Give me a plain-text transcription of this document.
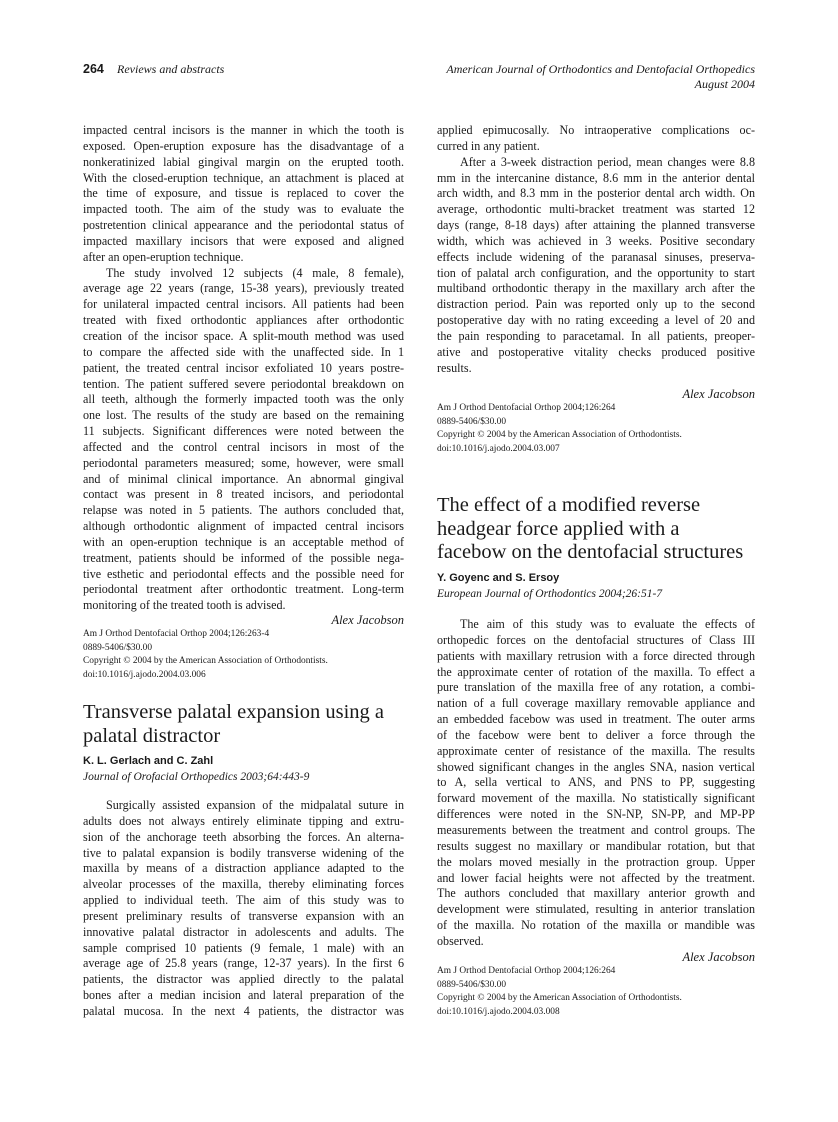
264 Reviews and abstracts	American Journal of Orthodontics and Dentofacial Orthopedics
August 2004
impacted central incisors is the manner in which the tooth is
exposed. Open-eruption exposure has the disadvantage of a
nonkeratinized labial gingival margin on the erupted tooth.
With the closed-eruption technique, an attachment is placed at
the time of exposure, and tissue is replaced to cover the
impacted tooth. The aim of the study was to evaluate the
postretention clinical appearance and the periodontal status of
impacted maxillary incisors that were exposed and aligned
after an open-eruption technique.
The study involved 12 subjects (4 male, 8 female),
average age 22 years (range, 15-38 years), previously treated
for unilateral impacted central incisors. All patients had been
treated with fixed orthodontic appliances after orthodontic
creation of the incisor space. A split-mouth method was used
to compare the affected side with the unaffected side. In 1
patient, the treated central incisor exfoliated 10 years postre-
tention. The patient suffered severe periodontal breakdown on
all teeth, although the formerly impacted tooth was the only
one lost. The results of the study are based on the remaining
11 subjects. Significant differences were noted between the
affected and the control central incisors in most of the
periodontal parameters measured; some, however, were small
and of minimal clinical importance. An abnormal gingival
contact was present in 8 treated incisors, and periodontal
relapse was noted in 5 patients. The authors concluded that,
although orthodontic alignment of impacted central incisors
with an open-eruption technique is an acceptable method of
treatment, patients should be informed of the possible nega-
tive esthetic and periodontal effects and the possible need for
periodontal treatment after orthodontic treatment. Long-term
monitoring of the treated tooth is advised.
Alex Jacobson
Am J Orthod Dentofacial Orthop 2004;126:263-4
0889-5406/$30.00
Copyright © 2004 by the American Association of Orthodontists.
doi:10.1016/j.ajodo.2004.03.006
Transverse palatal expansion using a
palatal distractor
K. L. Gerlach and C. Zahl
Journal of Orofacial Orthopedics 2003;64:443-9
Surgically assisted expansion of the midpalatal suture in
adults does not always entirely eliminate tipping and extru-
sion of the anchorage teeth absorbing the forces. An alterna-
tive to palatal expansion is bodily transverse widening of the
maxilla by means of a distraction appliance adapted to the
alveolar processes of the maxilla, thereby eliminating forces
applied to individual teeth. The aim of this study was to
present preliminary results of transverse expansion with an
innovative palatal distractor in adolescents and adults. The
sample comprised 10 patients (9 female, 1 male) with an
average age of 25.8 years (range, 12-37 years). In the first 6
patients, the distractor was applied directly to the palatal
bones after a median incision and lateral preparation of the
palatal mucosa. In the next 4 patients, the distractor was
applied epimucosally. No intraoperative complications oc-
curred in any patient.
After a 3-week distraction period, mean changes were 8.8
mm in the intercanine distance, 8.6 mm in the anterior dental
arch width, and 8.3 mm in the posterior dental arch width. On
average, orthodontic multi-bracket treatment was started 12
days (range, 8-18 days) after attaining the planned transverse
width, which was achieved in 3 weeks. Positive secondary
effects include widening of the paranasal sinuses, preserva-
tion of palatal arch configuration, and the opportunity to start
multiband orthodontic therapy in the maxillary arch after the
distraction period. Pain was reported only up to the second
postoperative day with no rating exceeding a level of 20 and
the pain responding to paracetamal. In all patients, preoper-
ative and postoperative vitality checks produced positive
results.
Alex Jacobson
Am J Orthod Dentofacial Orthop 2004;126:264
0889-5406/$30.00
Copyright © 2004 by the American Association of Orthodontists.
doi:10.1016/j.ajodo.2004.03.007
The effect of a modified reverse
headgear force applied with a
facebow on the dentofacial structures
Y. Goyenc and S. Ersoy
European Journal of Orthodontics 2004;26:51-7
The aim of this study was to evaluate the effects of
orthopedic forces on the dentofacial structures of Class III
patients with maxillary retrusion with a force directed through
the approximate center of rotation of the maxilla. To effect a
pure translation of the maxilla free of any rotation, a combi-
nation of a full coverage maxillary removable appliance and
an embedded facebow was used in treatment. The outer arms
of the facebow were bent to deliver a force through the
approximate center of resistance of the maxilla. The results
showed significant changes in the angles SNA, nasion vertical
to A, sella vertical to ANS, and PNS to PP, suggesting
forward movement of the maxilla. No statistically significant
differences were noted in the SN-NP, SN-PP, and MP-PP
measurements between the treatment and control groups. The
results suggest no maxillary or mandibular rotation, but that
the molars moved mesially in the protraction group. Upper
and lower facial heights were not affected by the treatment.
The authors concluded that maxillary anterior growth and
development were stimulated, resulting in anterior translation
of the maxilla. No rotation of the maxilla or mandible was
observed.
Alex Jacobson
Am J Orthod Dentofacial Orthop 2004;126:264
0889-5406/$30.00
Copyright © 2004 by the American Association of Orthodontists.
doi:10.1016/j.ajodo.2004.03.008
